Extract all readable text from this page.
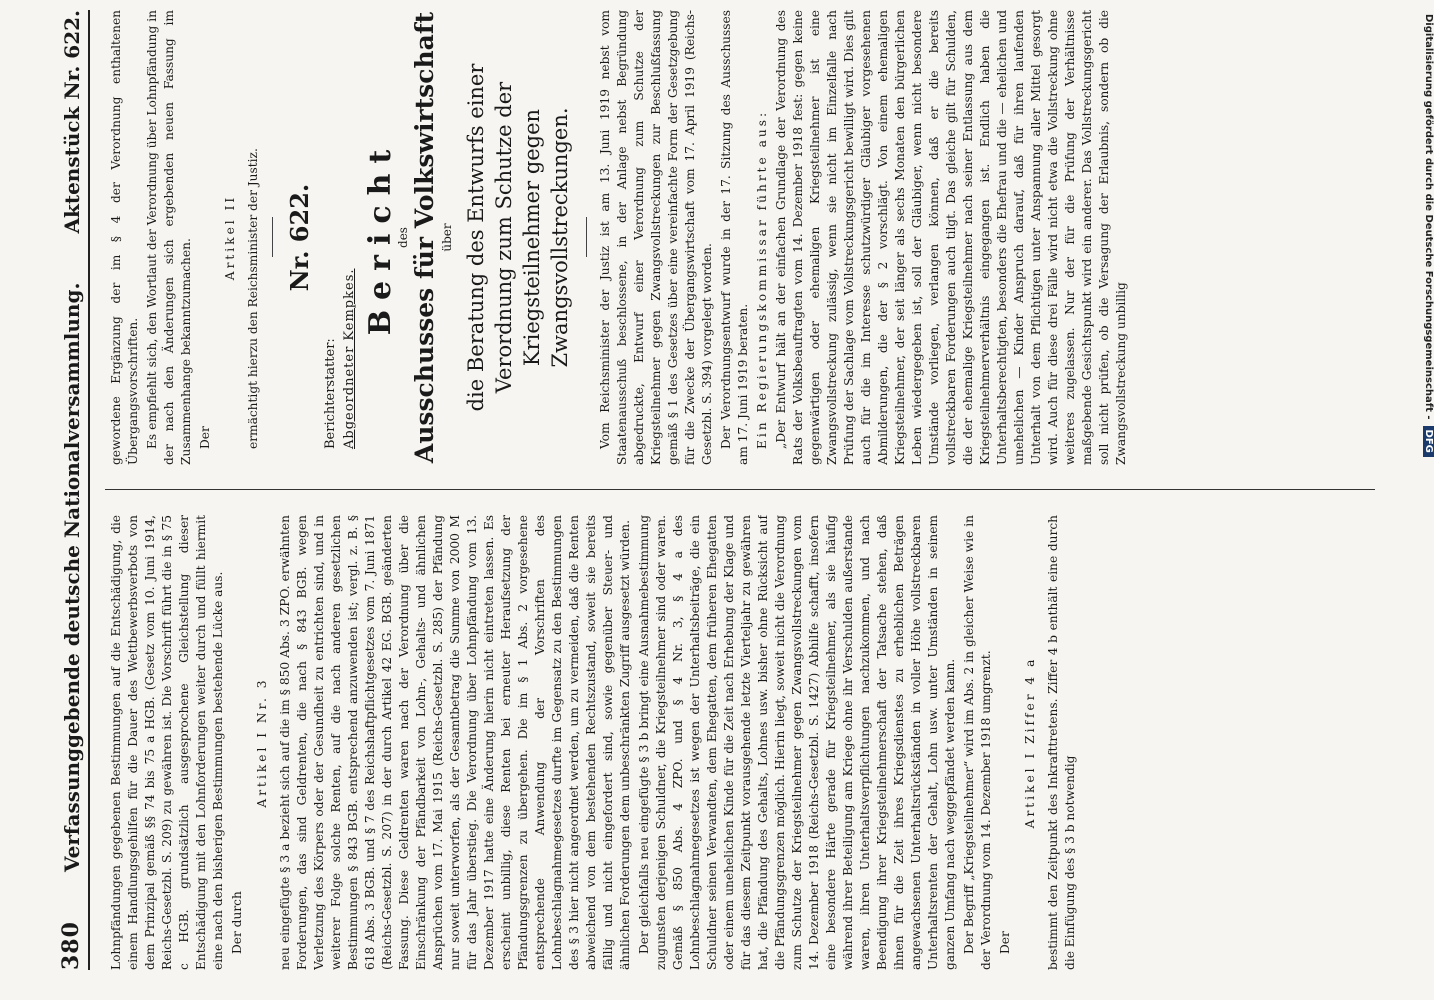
380
Verfassunggebende deutsche Nationalversammlung.
Aktenstück Nr. 622.

Lohnpfändungen gegebenen Bestimmungen auf die Entschädigung, die einem Handlungsgehilfen für die Dauer des Wettbewerbsverbots von dem Prinzipal gemäß §§ 74 bis 75 a HGB. (Gesetz vom 10. Juni 1914, Reichs-Gesetzbl. S. 209) zu gewähren ist. Die Vorschrift führt die in § 75 c HGB. grundsätzlich ausgesprochene Gleichstellung dieser Entschädigung mit den Lohnforderungen weiter durch und füllt hiermit eine nach den bisherigen Bestimmungen bestehende Lücke aus. Der durch

Artikel I Nr. 3 neu eingefügte § 3 a bezieht sich auf die im § 850 Abs. 3 ZPO. erwähnten Forderungen, das sind Geldrenten, die nach § 843 BGB. wegen Verletzung des Körpers oder der Gesundheit zu entrichten sind, und in weiterer Folge solche Renten, auf die nach anderen gesetzlichen Bestimmungen § 843 BGB. entsprechend anzuwenden ist; vergl. z. B. § 618 Abs. 3 BGB. und § 7 des Reichshaftpflichtgesetzes vom 7. Juni 1871 (Reichs-Gesetzbl. S. 207) in der durch Artikel 42 EG. BGB. geänderten Fassung. Diese Geldrenten waren nach der Verordnung über die Einschränkung der Pfändbarkeit von Lohn-, Gehalts- und ähnlichen Ansprüchen vom 17. Mai 1915 (Reichs-Gesetzbl. S. 285) der Pfändung nur soweit unterworfen, als der Gesamtbetrag die Summe von 2000 M für das Jahr überstieg. Die Verordnung über Lohnpfändung vom 13. Dezember 1917 hatte eine Änderung hierin nicht eintreten lassen. Es erscheint unbillig, diese Renten bei erneuter Heraufsetzung der Pfändungsgrenzen zu übergehen. Die im § 1 Abs. 2 vorgesehene entsprechende Anwendung der Vorschriften des Lohnbeschlagnahmegesetzes durfte im Gegensatz zu den Bestimmungen des § 3 hier nicht angeordnet werden, um zu vermeiden, daß die Renten abweichend von dem bestehenden Rechtszustand, soweit sie bereits fällig und nicht eingefordert sind, sowie gegenüber Steuer- und ähnlichen Forderungen dem unbeschränkten Zugriff ausgesetzt würden. Der gleichfalls neu eingefügte § 3 b bringt eine Ausnahmebestimmung zugunsten derjenigen Schuldner, die Kriegsteilnehmer sind oder waren. Gemäß § 850 Abs. 4 ZPO. und § 4 Nr. 3, § 4 a des Lohnbeschlagnahmegesetzes ist wegen der Unterhaltsbeiträge, die ein Schuldner seinen Verwandten, dem Ehegatten, dem früheren Ehegatten oder einem unehelichen Kinde für die Zeit nach Erhebung der Klage und für das diesem Zeitpunkt vorausgehende letzte Vierteljahr zu gewähren hat, die Pfändung des Gehalts, Lohnes usw. bisher ohne Rücksicht auf die Pfändungsgrenzen möglich. Hierin liegt, soweit nicht die Verordnung zum Schutze der Kriegsteilnehmer gegen Zwangsvollstreckungen vom 14. Dezember 1918 (Reichs-Gesetzbl. S. 1427) Abhilfe schafft, insofern eine besondere Härte gerade für Kriegsteilnehmer, als sie häufig während ihrer Beteiligung am Kriege ohne ihr Verschulden außerstande waren, ihren Unterhaltsverpflichtungen nachzukommen, und nach Beendigung ihrer Kriegsteilnehmerschaft der Tatsache stehen, daß ihnen für die Zeit ihres Kriegsdienstes zu erheblichen Beträgen angewachsenen Unterhaltsrückständen in voller Höhe vollstreckbaren Unterhaltsrenten der Gehalt, Lohn usw. unter Umständen in seinem ganzen Umfang nach weggepfändet werden kann. Der Begriff „Kriegsteilnehmer“ wird im Abs. 2 in gleicher Weise wie in der Verordnung vom 14. Dezember 1918 umgrenzt. Der

Artikel I Ziffer 4 a bestimmt den Zeitpunkt des Inkrafttretens. Ziffer 4 b enthält eine durch die Einfügung des § 3 b notwendig

gewordene Ergänzung der im § 4 der Verordnung enthaltenen Übergangsvorschriften. Es empfiehlt sich, den Wortlaut der Verordnung über Lohnpfändung in der nach den Änderungen sich ergebenden neuen Fassung im Zusammenhange bekanntzumachen. Der

Artikel II ermächtigt hierzu den Reichsminister der Justiz. Nr. 622.

Berichterstatter: Abgeordneter Kempkes.

Bericht
des Ausschusses für Volkswirtschaft über die Beratung des Entwurfs einer Verordnung zum Schutze der Kriegsteilnehmer gegen Zwangsvollstreckungen. Vom Reichsminister der Justiz ist am 13. Juni 1919 nebst vom Staatenausschuß beschlossene, in der Anlage nebst Begründung abgedruckte, Entwurf einer Verordnung zum Schutze der Kriegsteilnehmer gegen Zwangsvollstreckungen zur Beschlußfassung gemäß § 1 des Gesetzes über eine vereinfachte Form der Gesetzgebung für die Zwecke der Übergangswirtschaft vom 17. April 1919 (Reichs-Gesetzbl. S. 394) vorgelegt worden. Der Verordnungsentwurf wurde in der 17. Sitzung des Ausschusses am 17. Juni 1919 beraten. Ein Regierungskommissar führte aus: „Der Entwurf hält an der einfachen Grundlage der Verordnung des Rats der Volksbeauftragten vom 14. Dezember 1918 fest: gegen keine gegenwärtigen oder ehemaligen Kriegsteilnehmer ist eine Zwangsvollstreckung zulässig, wenn sie nicht im Einzelfalle nach Prüfung der Sachlage vom Vollstreckungsgericht bewilligt wird. Dies gilt auch für die im Interesse schutzwürdiger Gläubiger vorgesehenen Abmilderungen, die der § 2 vorschlägt. Von einem ehemaligen Kriegsteilnehmer, der seit länger als sechs Monaten den bürgerlichen Leben wiedergegeben ist, soll der Gläubiger, wenn nicht besondere Umstände vorliegen, verlangen können, daß er die bereits vollstreckbaren Forderungen auch tilgt. Das gleiche gilt für Schulden, die der ehemalige Kriegsteilnehmer nach seiner Entlassung aus dem Kriegsteilnehmerverhältnis eingegangen ist. Endlich haben die Unterhaltsberechtigten, besonders die Ehefrau und die — ehelichen und unehelichen — Kinder Anspruch darauf, daß für ihren laufenden Unterhalt von dem Pflichtigen unter Anspannung aller Mittel gesorgt wird. Auch für diese drei Fälle wird nicht etwa die Vollstreckung ohne weiteres zugelassen. Nur der für die Prüfung der Verhältnisse maßgebende Gesichtspunkt wird ein anderer. Das Vollstreckungsgericht soll nicht prüfen, ob die Versagung der Erlaubnis, sondern ob die Zwangsvollstreckung unbillig	Digitalisierung gefördert durch die Deutsche Forschungsgemeinschaft -DFG
